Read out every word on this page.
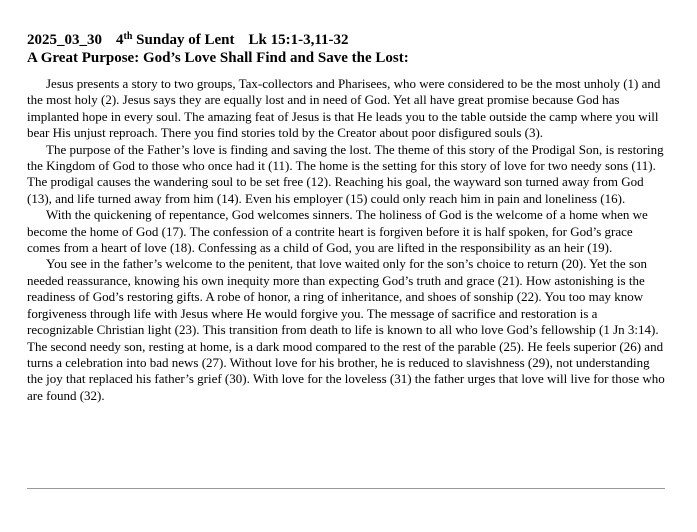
2025_03_30 4th Sunday of Lent Lk 15:1-3,11-32
A Great Purpose: God’s Love Shall Find and Save the Lost:

Jesus presents a story to two groups, Tax-collectors and Pharisees, who were considered to be the most unholy (1) and the most holy (2). Jesus says they are equally lost and in need of God. Yet all have great promise because God has implanted hope in every soul. The amazing feat of Jesus is that He leads you to the table outside the camp where you will bear His unjust reproach. There you find stories told by the Creator about poor disfigured souls (3).

The purpose of the Father’s love is finding and saving the lost. The theme of this story of the Prodigal Son, is restoring the Kingdom of God to those who once had it (11). The home is the setting for this story of love for two needy sons (11). The prodigal causes the wandering soul to be set free (12). Reaching his goal, the wayward son turned away from God (13), and life turned away from him (14). Even his employer (15) could only reach him in pain and loneliness (16).

With the quickening of repentance, God welcomes sinners. The holiness of God is the welcome of a home when we become the home of God (17). The confession of a contrite heart is forgiven before it is half spoken, for God’s grace comes from a heart of love (18). Confessing as a child of God, you are lifted in the responsibility as an heir (19).

You see in the father’s welcome to the penitent, that love waited only for the son’s choice to return (20). Yet the son needed reassurance, knowing his own inequity more than expecting God’s truth and grace (21). How astonishing is the readiness of God’s restoring gifts. A robe of honor, a ring of inheritance, and shoes of sonship (22). You too may know forgiveness through life with Jesus where He would forgive you. The message of sacrifice and restoration is a recognizable Christian light (23). This transition from death to life is known to all who love God’s fellowship (1 Jn 3:14). The second needy son, resting at home, is a dark mood compared to the rest of the parable (25). He feels superior (26) and turns a celebration into bad news (27). Without love for his brother, he is reduced to slavishness (29), not understanding the joy that replaced his father’s grief (30). With love for the loveless (31) the father urges that love will live for those who are found (32).
